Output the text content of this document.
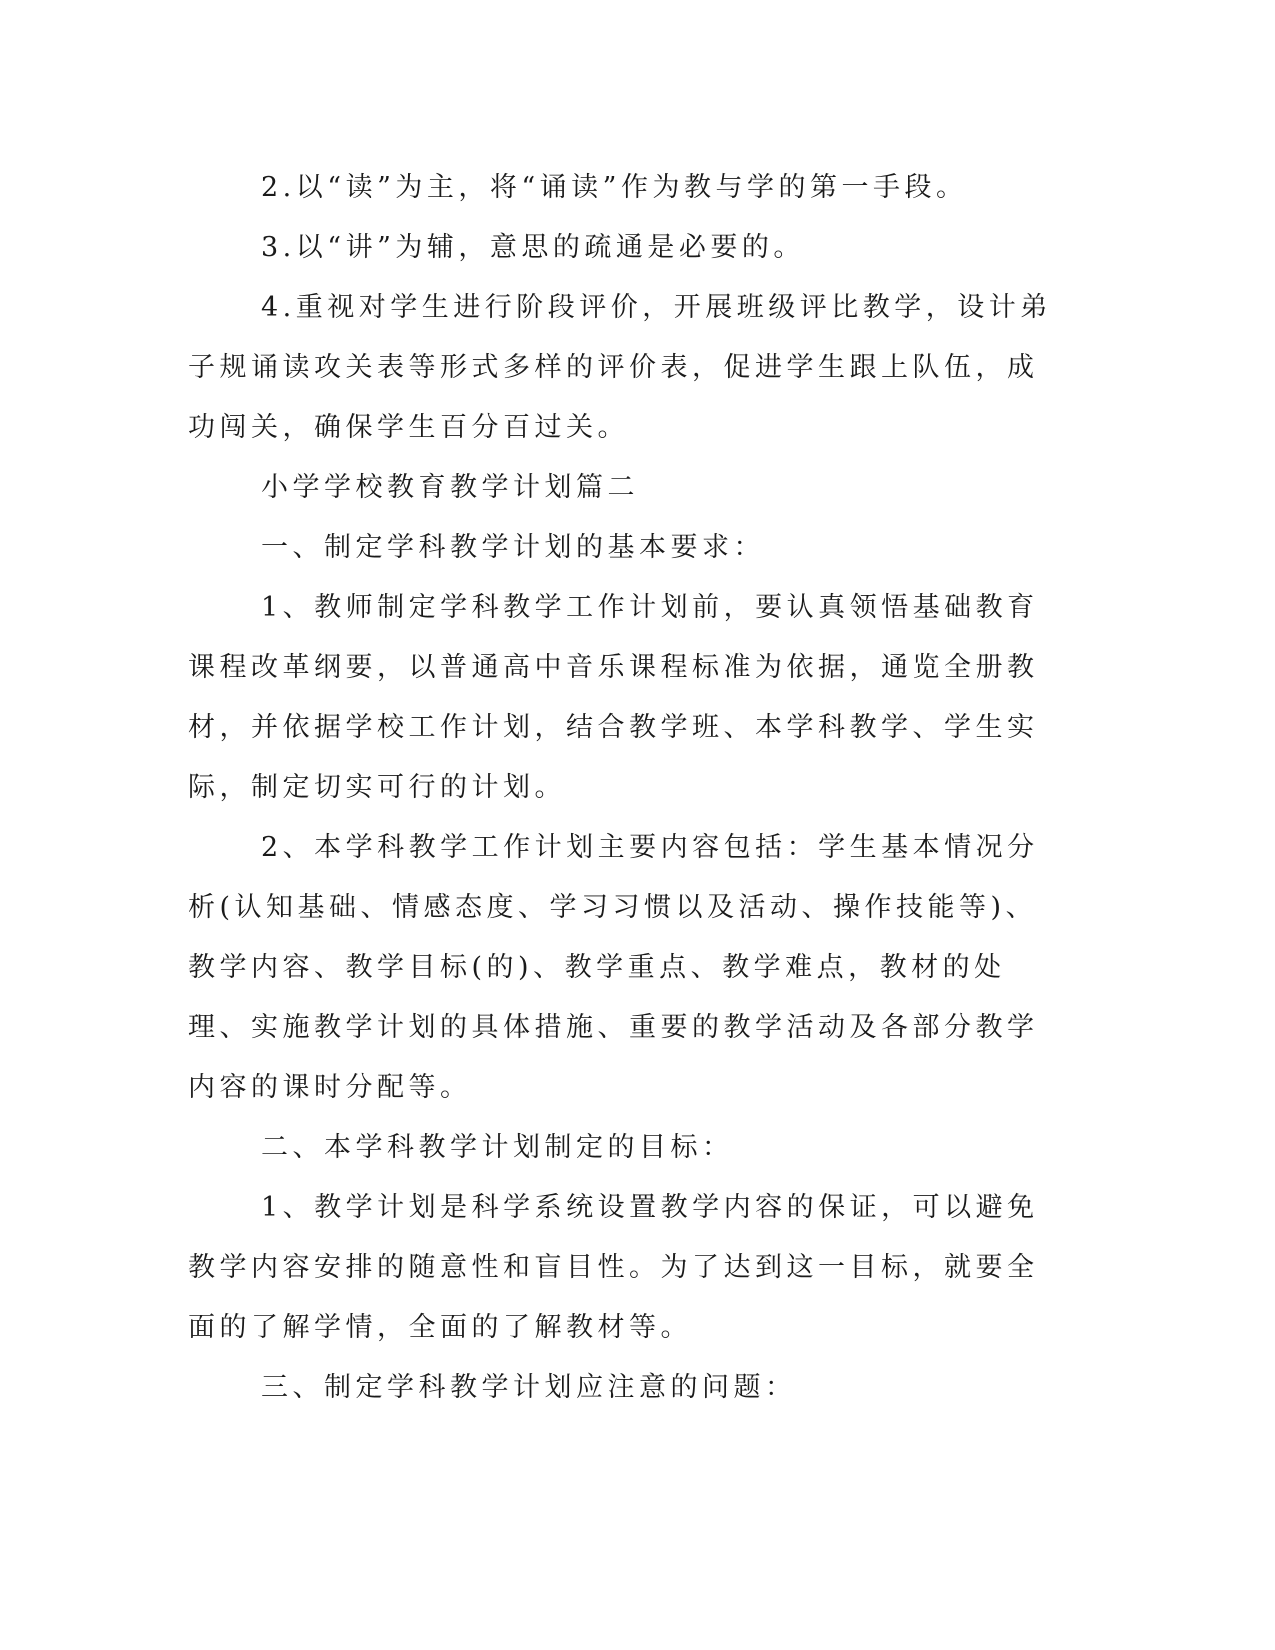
2.以“读”为主，将“诵读”作为教与学的第一手段。

3.以“讲”为辅，意思的疏通是必要的。

4.重视对学生进行阶段评价，开展班级评比教学，设计弟子规诵读攻关表等形式多样的评价表，促进学生跟上队伍，成功闯关，确保学生百分百过关。

小学学校教育教学计划篇二

一、制定学科教学计划的基本要求：

1、教师制定学科教学工作计划前，要认真领悟基础教育课程改革纲要，以普通高中音乐课程标准为依据，通览全册教材，并依据学校工作计划，结合教学班、本学科教学、学生实际，制定切实可行的计划。

2、本学科教学工作计划主要内容包括：学生基本情况分析(认知基础、情感态度、学习习惯以及活动、操作技能等)、教学内容、教学目标(的)、教学重点、教学难点，教材的处理、实施教学计划的具体措施、重要的教学活动及各部分教学内容的课时分配等。

二、本学科教学计划制定的目标：

1、教学计划是科学系统设置教学内容的保证，可以避免教学内容安排的随意性和盲目性。为了达到这一目标，就要全面的了解学情，全面的了解教材等。

三、制定学科教学计划应注意的问题：
